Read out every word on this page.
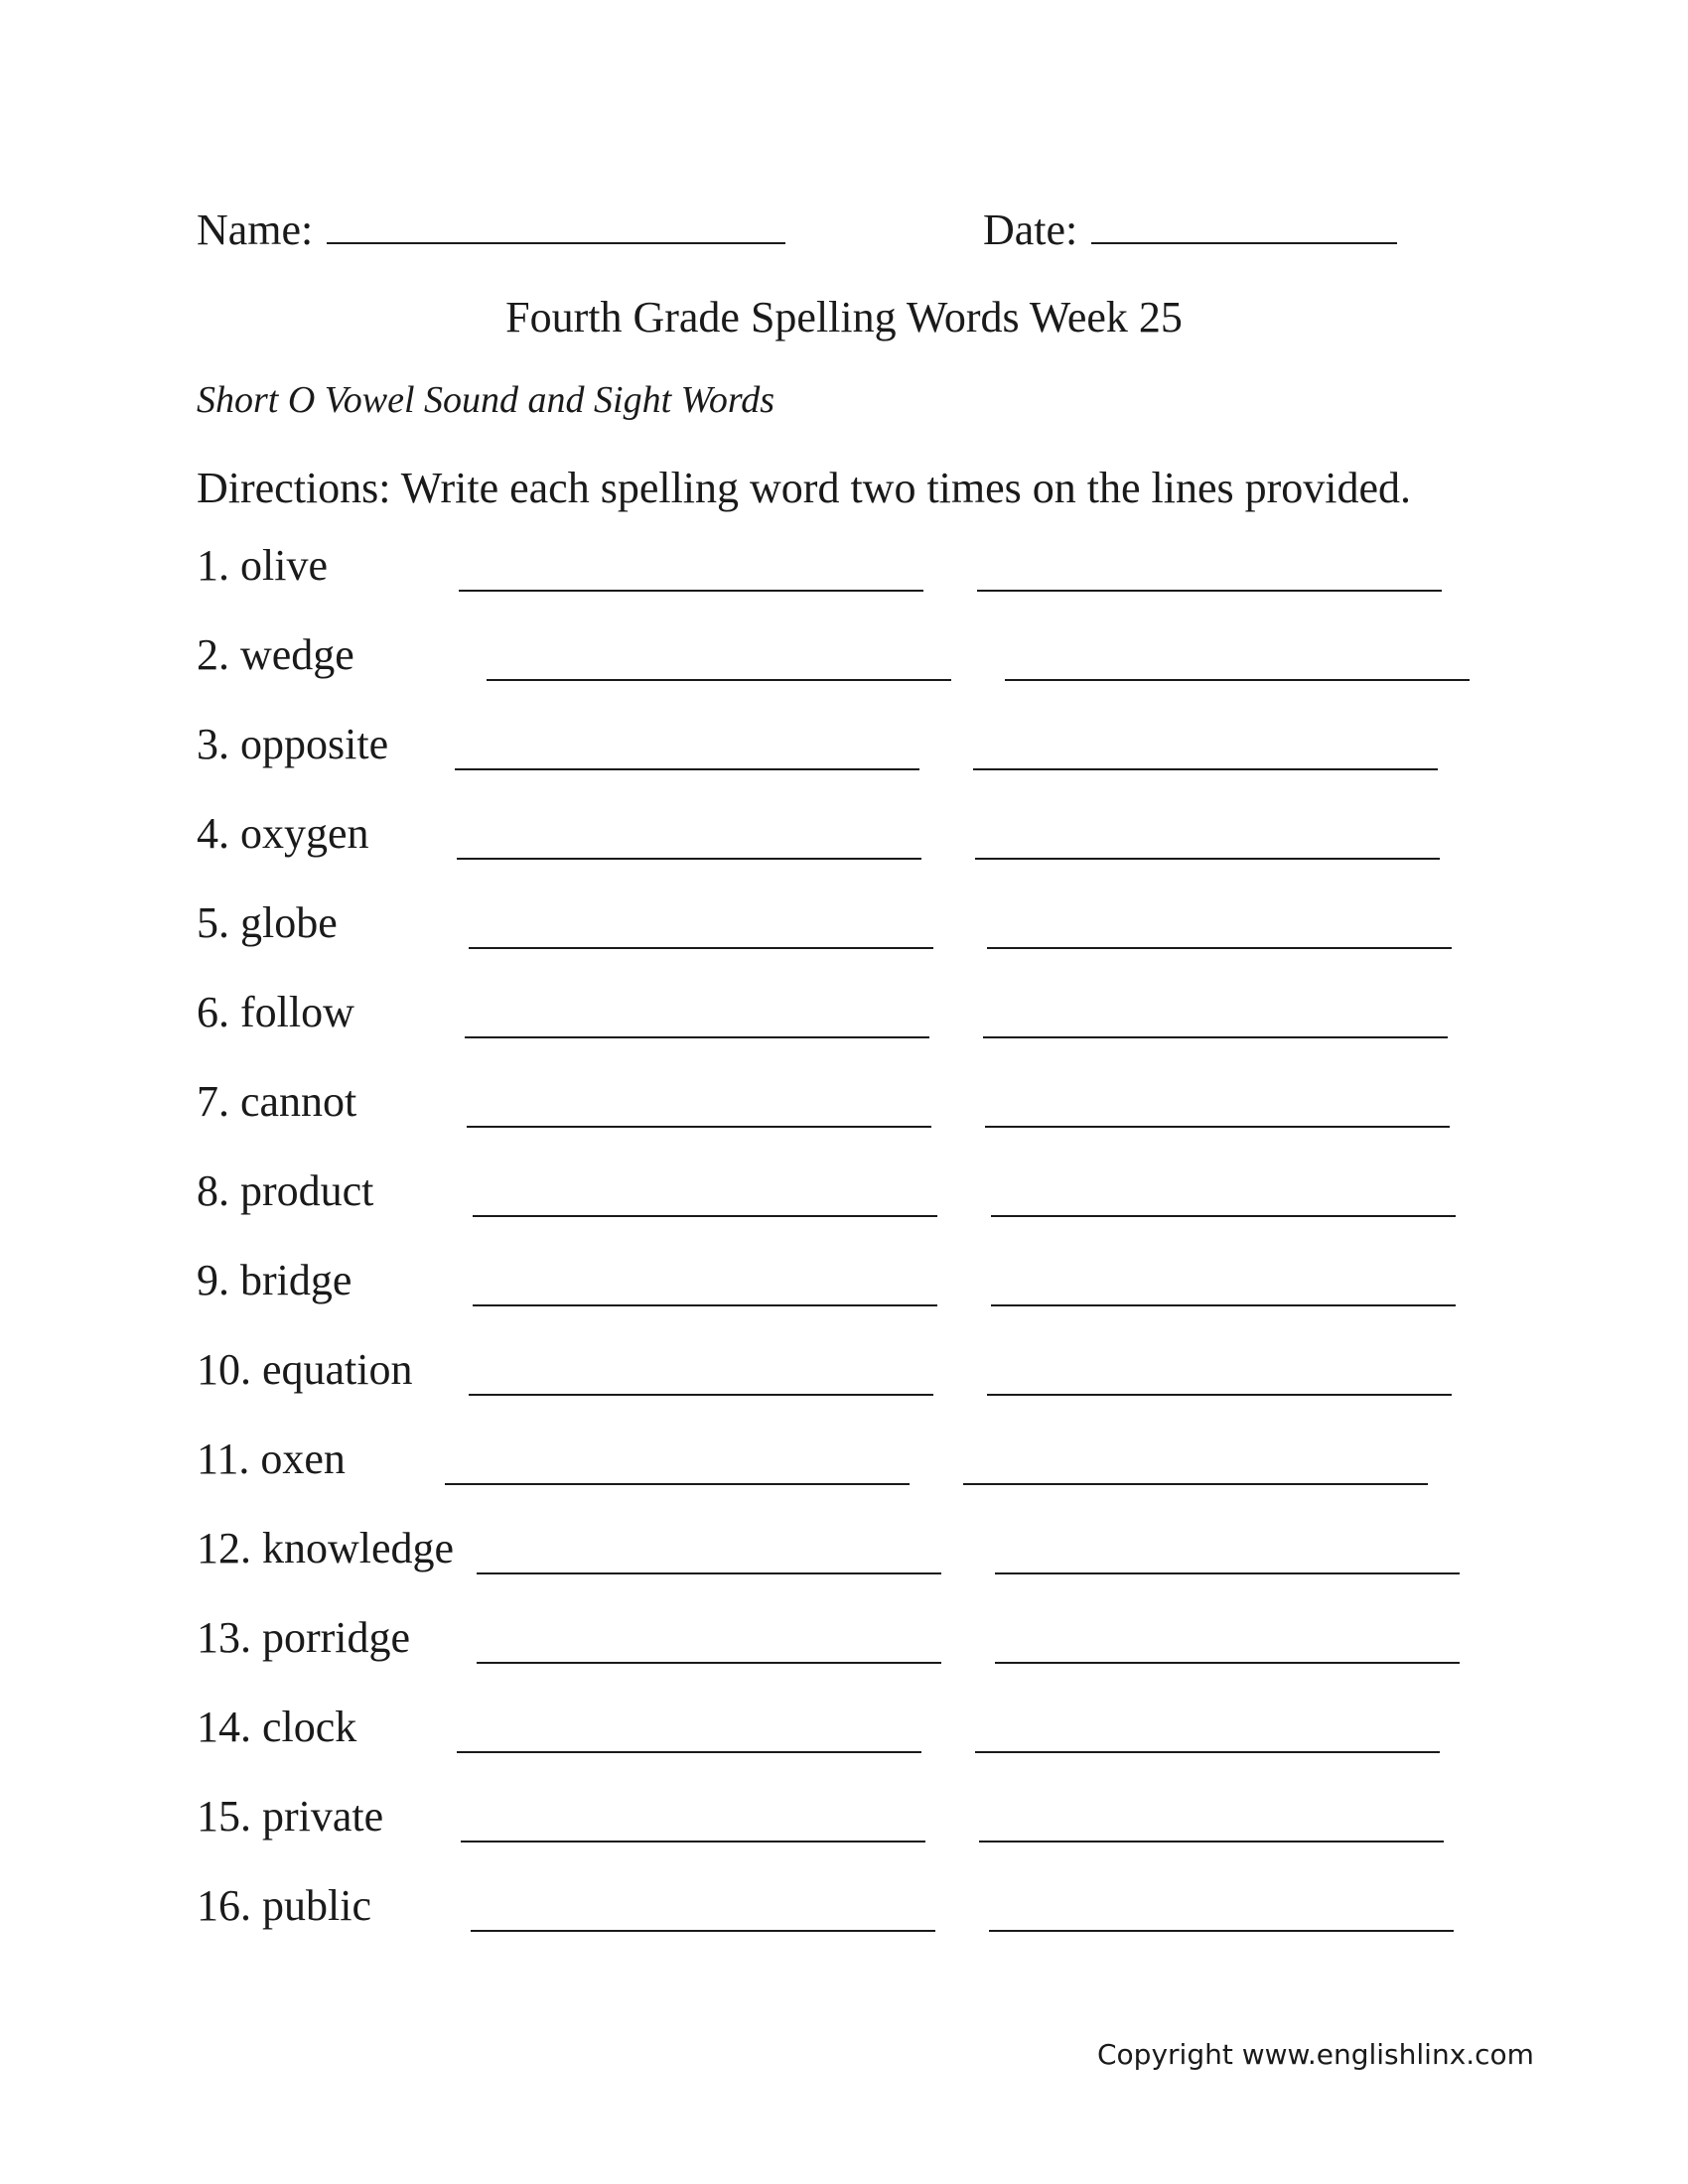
Name:	Date:
Fourth Grade Spelling Words Week 25
Short O Vowel Sound and Sight Words
Directions: Write each spelling word two times on the lines provided.
1. olive
2. wedge
3. opposite
4. oxygen
5. globe
6. follow
7. cannot
8. product
9. bridge
10. equation
11. oxen
12. knowledge
13. porridge
14. clock
15. private
16. public
Copyright www.englishlinx.com
